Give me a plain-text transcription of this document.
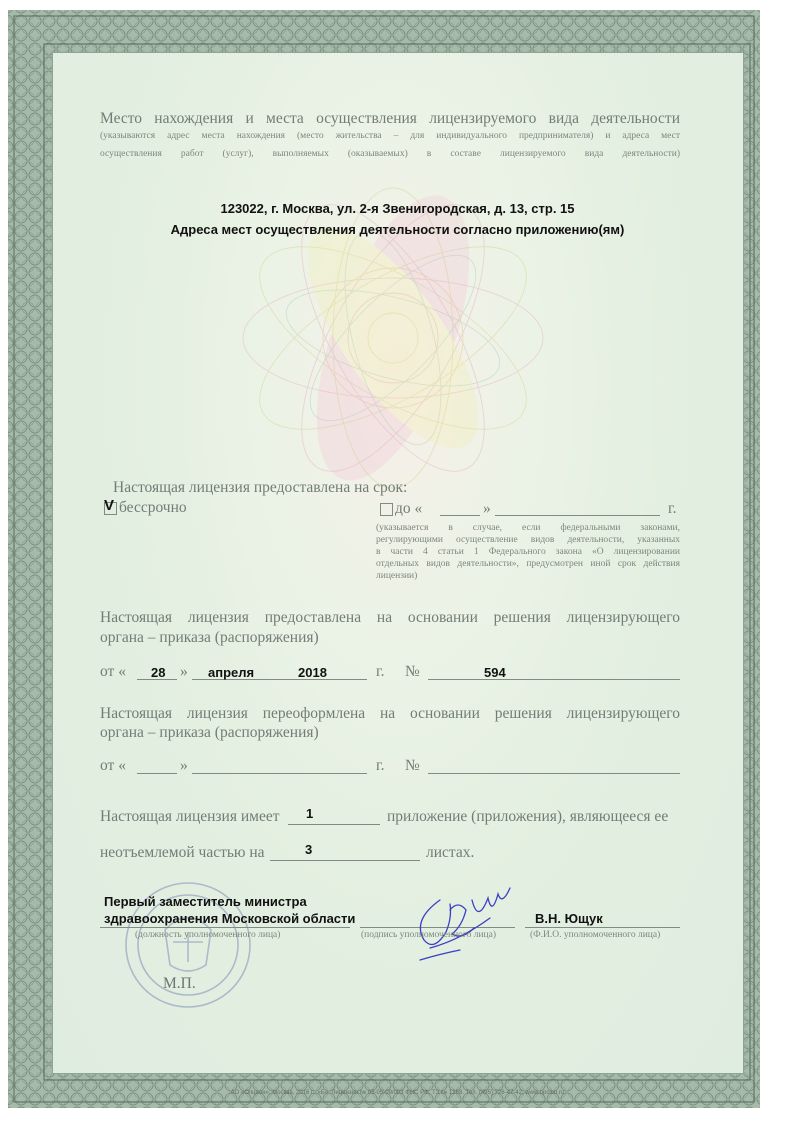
Место нахождения и места осуществления лицензируемого вида деятельности
(указываются адрес места нахождения (место жительства – для индивидуального предпринимателя) и адреса мест
осуществления работ (услуг), выполняемых (оказываемых) в составе лицензируемого вида деятельности)
123022, г. Москва, ул. 2-я Звенигородская, д. 13, стр. 15
Адреса мест осуществления деятельности согласно приложению(ям)
Настоящая лицензия предоставлена на срок:
V бессрочно	до «	»	г.
(указывается в случае, если федеральными законами,
регулирующими осуществление видов деятельности, указанных
в части 4 статьи 1 Федерального закона «О лицензировании
отдельных видов деятельности», предусмотрен иной срок действия
лицензии)
Настоящая лицензия предоставлена на основании решения лицензирующего
органа – приказа (распоряжения)
от « 28 » апреля	2018	г. №	594
Настоящая лицензия переоформлена на основании решения лицензирующего
органа – приказа (распоряжения)
от «	»	г. №
Настоящая лицензия имеет 1	приложение (приложения), являющееся ее
неотъемлемой частью на	3	листах.
М.П.
Первый заместитель министра
здравоохранения Московской области	В.Н. Ющук
(должность уполномоченного лица)	(подпись уполномоченного лица)	(Ф.И.О. уполномоченного лица)
АО «Опцион», Москва, 2016 г., «Б». Лицензия № 05-05-09/003 ФНС РФ, ТЗ № 1268. Тел. (495) 726-47-42, www.opcion.ru
